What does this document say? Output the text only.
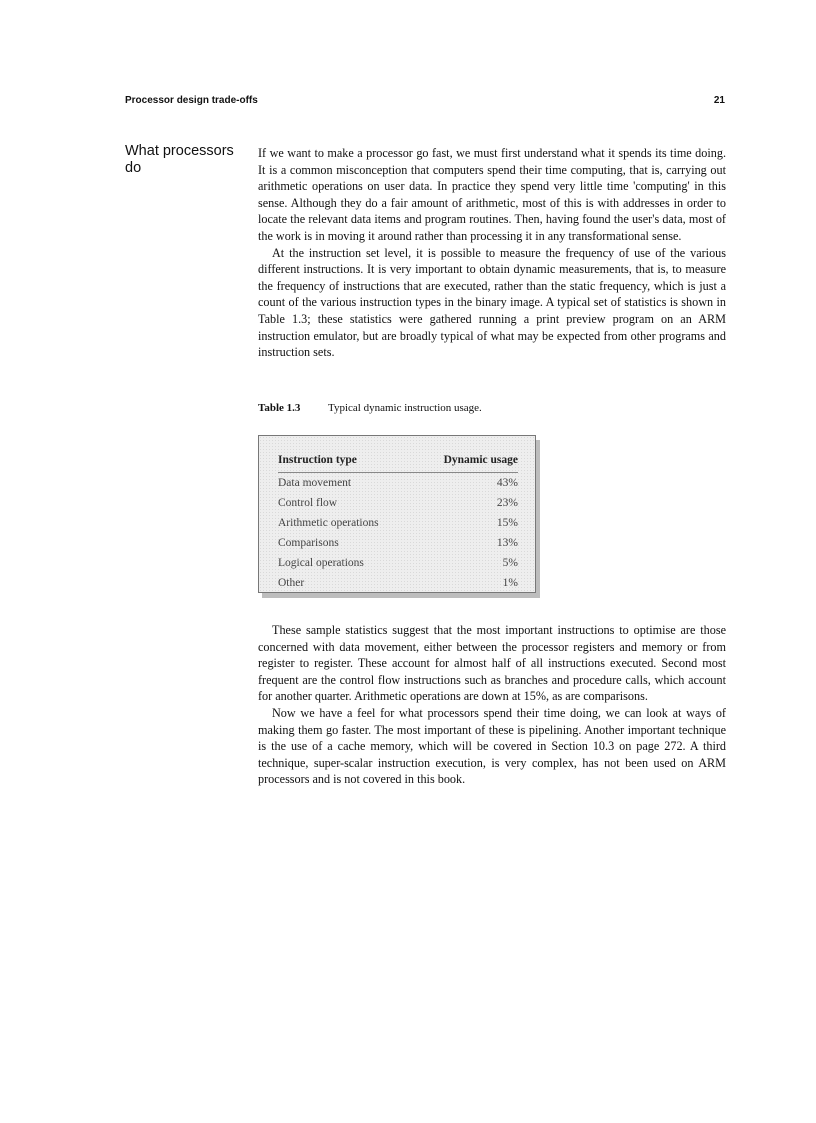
Processor design trade-offs	21
What processors do

If we want to make a processor go fast, we must first understand what it spends its time doing. It is a common misconception that computers spend their time computing, that is, carrying out arithmetic operations on user data. In practice they spend very little time 'computing' in this sense. Although they do a fair amount of arithmetic, most of this is with addresses in order to locate the relevant data items and program routines. Then, having found the user's data, most of the work is in moving it around rather than processing it in any transformational sense.

At the instruction set level, it is possible to measure the frequency of use of the various different instructions. It is very important to obtain dynamic measurements, that is, to measure the frequency of instructions that are executed, rather than the static frequency, which is just a count of the various instruction types in the binary image. A typical set of statistics is shown in Table 1.3; these statistics were gathered running a print preview program on an ARM instruction emulator, but are broadly typical of what may be expected from other programs and instruction sets.

Table 1.3	Typical dynamic instruction usage.
Instruction type	Dynamic usage
Data movement	43%
Control flow	23%
Arithmetic operations	15%
Comparisons	13%
Logical operations	5%
Other	1%

These sample statistics suggest that the most important instructions to optimise are those concerned with data movement, either between the processor registers and memory or from register to register. These account for almost half of all instructions executed. Second most frequent are the control flow instructions such as branches and procedure calls, which account for another quarter. Arithmetic operations are down at 15%, as are comparisons.

Now we have a feel for what processors spend their time doing, we can look at ways of making them go faster. The most important of these is pipelining. Another important technique is the use of a cache memory, which will be covered in Section 10.3 on page 272. A third technique, super-scalar instruction execution, is very complex, has not been used on ARM processors and is not covered in this book.
